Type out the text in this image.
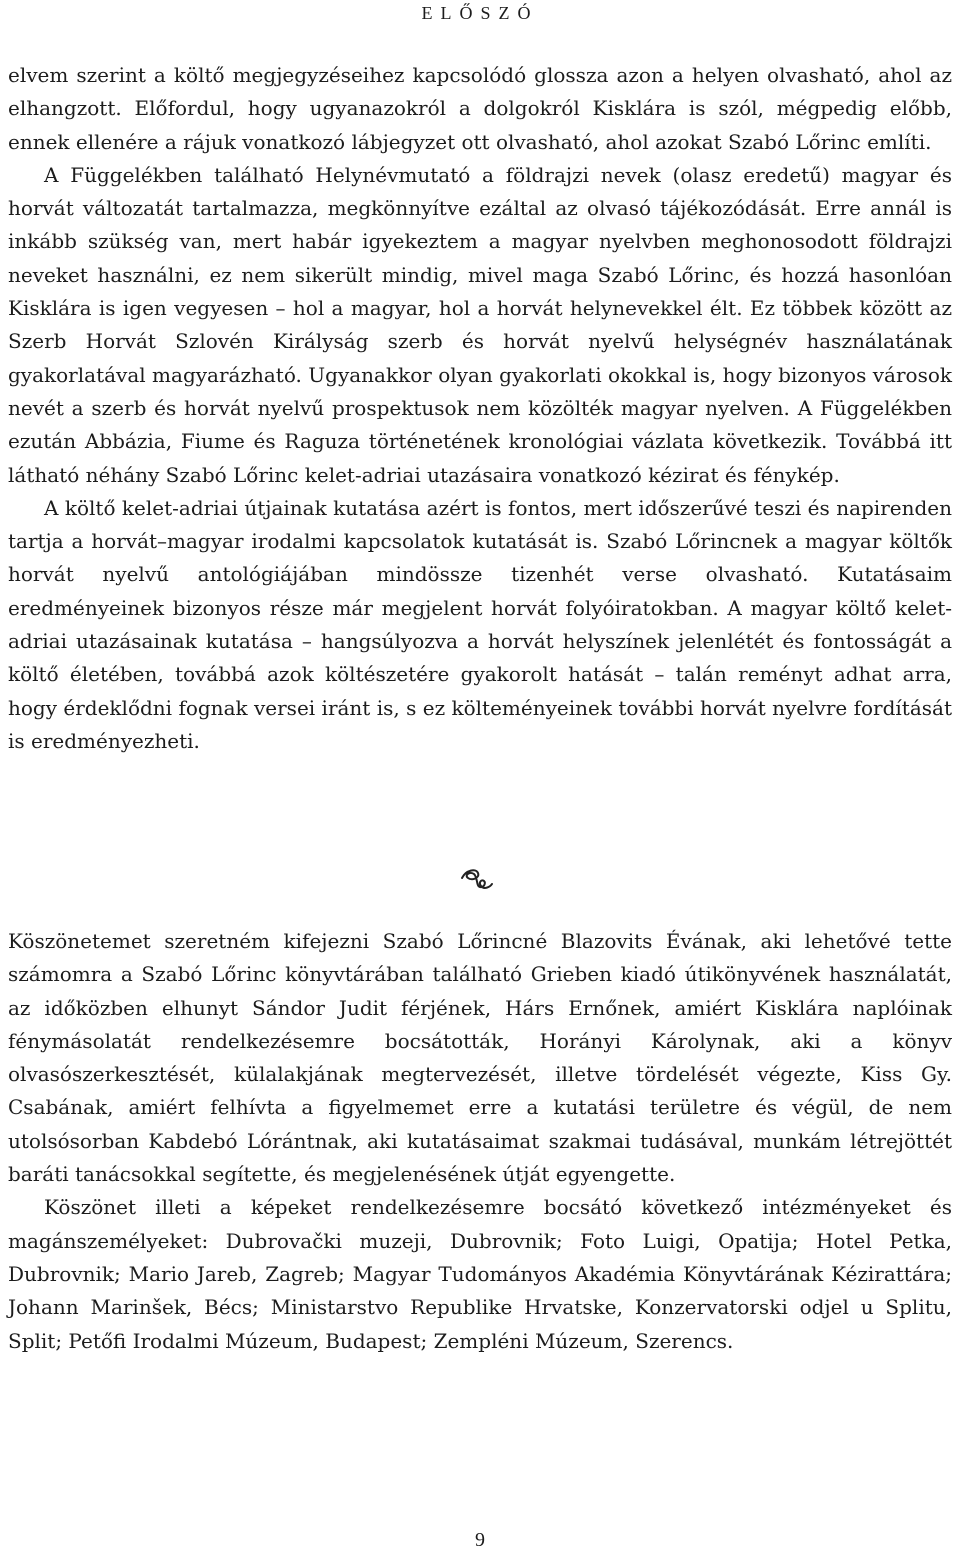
ELŐSZÓ

elvem szerint a költő megjegyzéseihez kapcsolódó glossza azon a helyen olvasható, ahol az elhangzott. Előfordul, hogy ugyanazokról a dolgokról Kisklára is szól, mégpedig előbb, ennek ellenére a rájuk vonatkozó lábjegyzet ott olvasható, ahol azokat Szabó Lőrinc említi.

A Függelékben található Helynévmutató a földrajzi nevek (olasz eredetű) magyar és horvát változatát tartalmazza, megkönnyítve ezáltal az olvasó tájékozódását. Erre annál is inkább szükség van, mert habár igyekeztem a magyar nyelvben meghonosodott földrajzi neveket használni, ez nem sikerült mindig, mivel maga Szabó Lőrinc, és hozzá hasonlóan Kisklára is igen vegyesen – hol a magyar, hol a horvát helynevekkel élt. Ez többek között az Szerb Horvát Szlovén Királyság szerb és horvát nyelvű helységnév használatának gyakorlatával magyarázható. Ugyanakkor olyan gyakorlati okokkal is, hogy bizonyos városok nevét a szerb és horvát nyelvű prospektusok nem közölték magyar nyelven. A Függelékben ezután Abbázia, Fiume és Raguza történetének kronológiai vázlata következik. Továbbá itt látható néhány Szabó Lőrinc kelet-adriai utazásaira vonatkozó kézirat és fénykép.

A költő kelet-adriai útjainak kutatása azért is fontos, mert időszerűvé teszi és napirenden tartja a horvát–magyar irodalmi kapcsolatok kutatását is. Szabó Lőrincnek a magyar költők horvát nyelvű antológiájában mindössze tizenhét verse olvasható. Kutatásaim eredményeinek bizonyos része már megjelent horvát folyóiratokban. A magyar költő kelet-adriai utazásainak kutatása – hangsúlyozva a horvát helyszínek jelenlétét és fontosságát a költő életében, továbbá azok költészetére gyakorolt hatását – talán reményt adhat arra, hogy érdeklődni fognak versei iránt is, s ez költeményeinek további horvát nyelvre fordítását is eredményezheti.

Köszönetemet szeretném kifejezni Szabó Lőrincné Blazovits Évának, aki lehetővé tette számomra a Szabó Lőrinc könyvtárában található Grieben kiadó útikönyvének használatát, az időközben elhunyt Sándor Judit férjének, Hárs Ernőnek, amiért Kisklára naplóinak fénymásolatát rendelkezésemre bocsátották, Horányi Károlynak, aki a könyv olvasószerkesztését, külalakjának megtervezését, illetve tördelését végezte, Kiss Gy. Csabának, amiért felhívta a figyelmemet erre a kutatási területre és végül, de nem utolsósorban Kabdebó Lórántnak, aki kutatásaimat szakmai tudásával, munkám létrejöttét baráti tanácsokkal segítette, és megjelenésének útját egyengette.

Köszönet illeti a képeket rendelkezésemre bocsátó következő intézményeket és magánszemélyeket: Dubrovački muzeji, Dubrovnik; Foto Luigi, Opatija; Hotel Petka, Dubrovnik; Mario Jareb, Zagreb; Magyar Tudományos Akadémia Könyvtárának Kézirattára; Johann Marinšek, Bécs; Ministarstvo Republike Hrvatske, Konzervatorski odjel u Splitu, Split; Petőfi Irodalmi Múzeum, Budapest; Zempléni Múzeum, Szerencs.

9
